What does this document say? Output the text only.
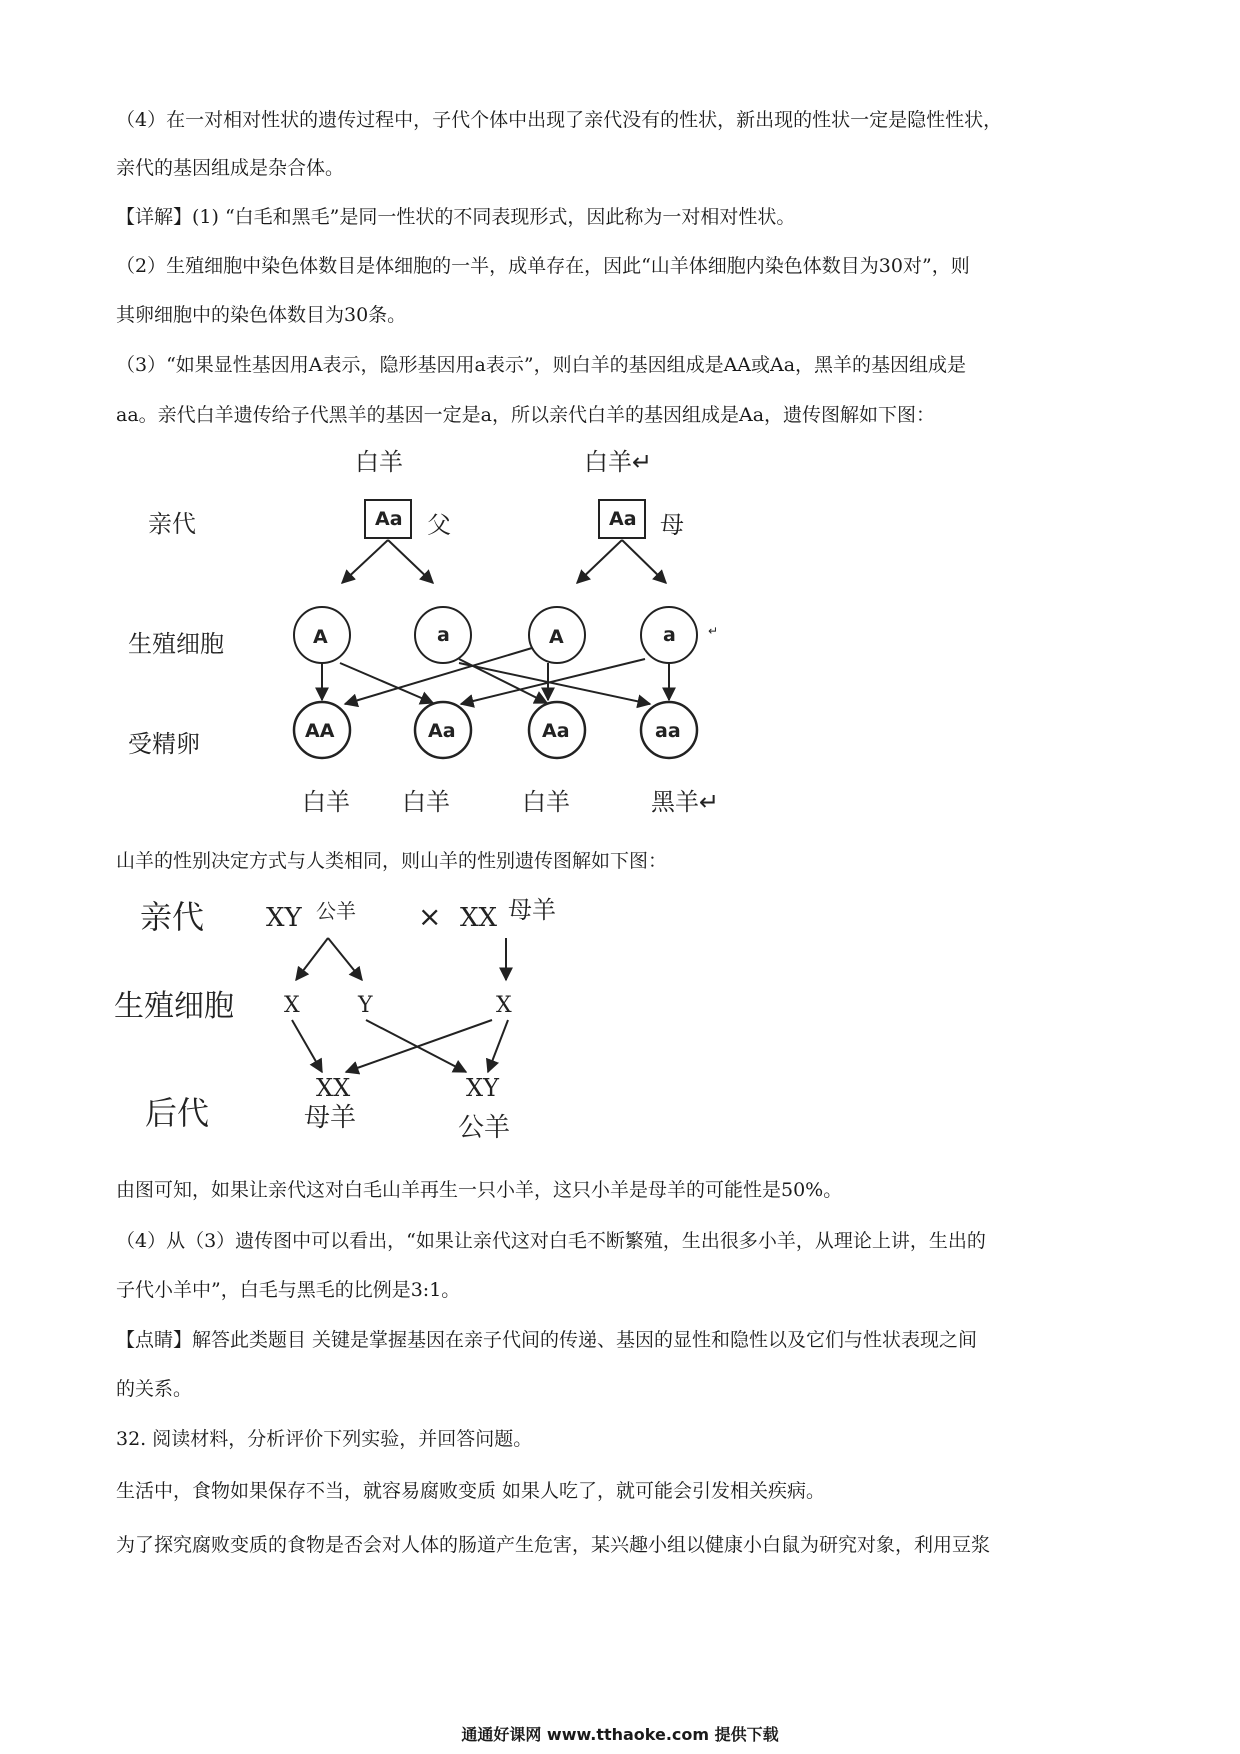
（4）在一对相对性状的遗传过程中，子代个体中出现了亲代没有的性状，新出现的性状一定是隐性性状，
亲代的基因组成是杂合体。
【详解】(1) “白毛和黑毛”是同一性状的不同表现形式，因此称为一对相对性状。
（2）生殖细胞中染色体数目是体细胞的一半，成单存在，因此“山羊体细胞内染色体数目为30对”，则
其卵细胞中的染色体数目为30条。
（3）“如果显性基因用A表示，隐形基因用a表示”，则白羊的基因组成是AA或Aa，黑羊的基因组成是
aa。亲代白羊遗传给子代黑羊的基因一定是a，所以亲代白羊的基因组成是Aa，遗传图解如下图：
亲代
生殖细胞
受精卵
白羊	白羊↵
Aa 父	Aa 母
A	a	A	a	↵
AA	Aa	Aa	aa
白羊 白羊	白羊	黑羊↵
亲代
生殖细胞
后代
XY 公羊 × XX 母羊
X	Y	X
XX
母羊
XY
公羊
山羊的性别决定方式与人类相同，则山羊的性别遗传图解如下图：
由图可知，如果让亲代这对白毛山羊再生一只小羊，这只小羊是母羊的可能性是50%。
（4）从（3）遗传图中可以看出，“如果让亲代这对白毛不断繁殖，生出很多小羊，从理论上讲，生出的
子代小羊中”，白毛与黑毛的比例是3:1。
【点睛】解答此类题目 关键是掌握基因在亲子代间的传递、基因的显性和隐性以及它们与性状表现之间
的关系。
32. 阅读材料，分析评价下列实验，并回答问题。
生活中，食物如果保存不当，就容易腐败变质 如果人吃了，就可能会引发相关疾病。
为了探究腐败变质的食物是否会对人体的肠道产生危害，某兴趣小组以健康小白鼠为研究对象，利用豆浆
通通好课网 www.tthaoke.com 提供下载
